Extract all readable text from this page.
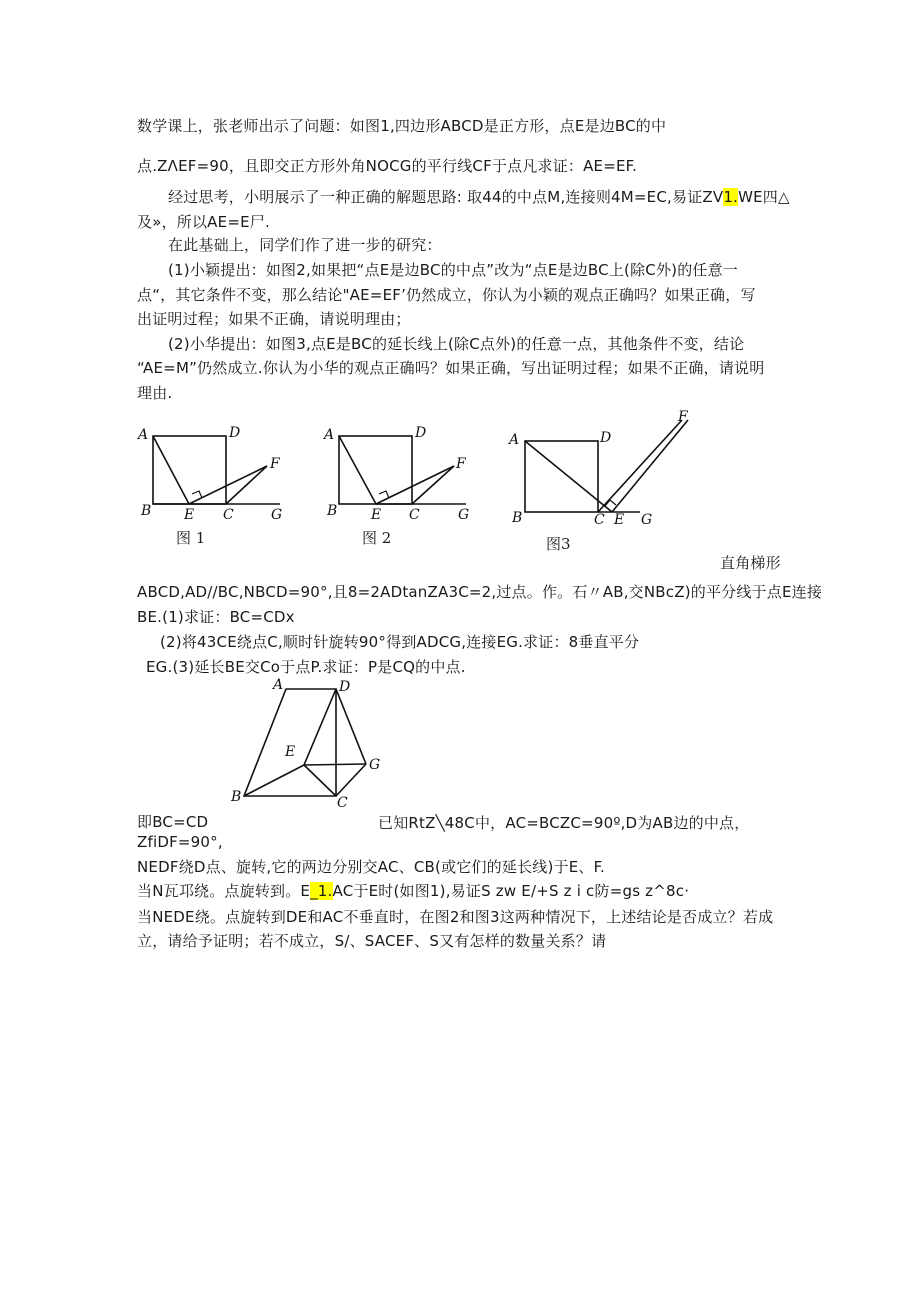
数学课上，张老师出示了问题：如图1,四边形ABCD是正方形，点E是边BC的中
点.ZΛEF=90，且即交正方形外角NOCG的平行线CF于点凡求证：AE=EF.
经过思考，小明展示了一种正确的解题思路: 取44的中点M,连接则4M=EC,易证ZV1.WE四△
及»，所以AE=E尸.
在此基础上，同学们作了进一步的研究：
(1)小颖提出：如图2,如果把“点E是边BC的中点”改为“点E是边BC上(除C外)的任意一
点“，其它条件不变，那么结论"AE=EF’仍然成立，你认为小颖的观点正确吗？如果正确，写
出证明过程；如果不正确，请说明理由；
(2)小华提出：如图3,点E是BC的延长线上(除C点外)的任意一点，其他条件不变，结论
“AE=M”仍然成立.你认为小华的观点正确吗？如果正确，写出证明过程；如果不正确，请说明
理由.
A	D
B E C
F
G
A	D
B E C
F
G
A	D
B	C E G
F
图 1	图 2	图3
直角梯形
ABCD,AD//BC,NBCD=90°,且8=2ADtanZA3C=2,过点。作。石〃AB,交NBcZ)的平分线于点E连接
BE.(1)求证：BC=CDx
(2)将43CE绕点C,顺时针旋转90°得到ADCG,连接EG.求证：8垂直平分
EG.(3)延长BE交Co于点P.求证：P是CQ的中点.
A	D
E
G
B	C
即BC=CD
ZfiDF=90°,
已知RtZ╲48C中，AC=BCZC=90º,D为AB边的中点，
NEDF绕D点、旋转,它的两边分别交AC、CB(或它们的延长线)于E、F.
当N瓦邛绕。点旋转到。E_1.AC于E时(如图1),易证S zw E∕+S z i c防=gs z^8c·
当NEDE绕。点旋转到DE和AC不垂直时，在图2和图3这两种情况下，上述结论是否成立？若成
立，请给予证明；若不成立，S/、SACEF、S又有怎样的数量关系？请
